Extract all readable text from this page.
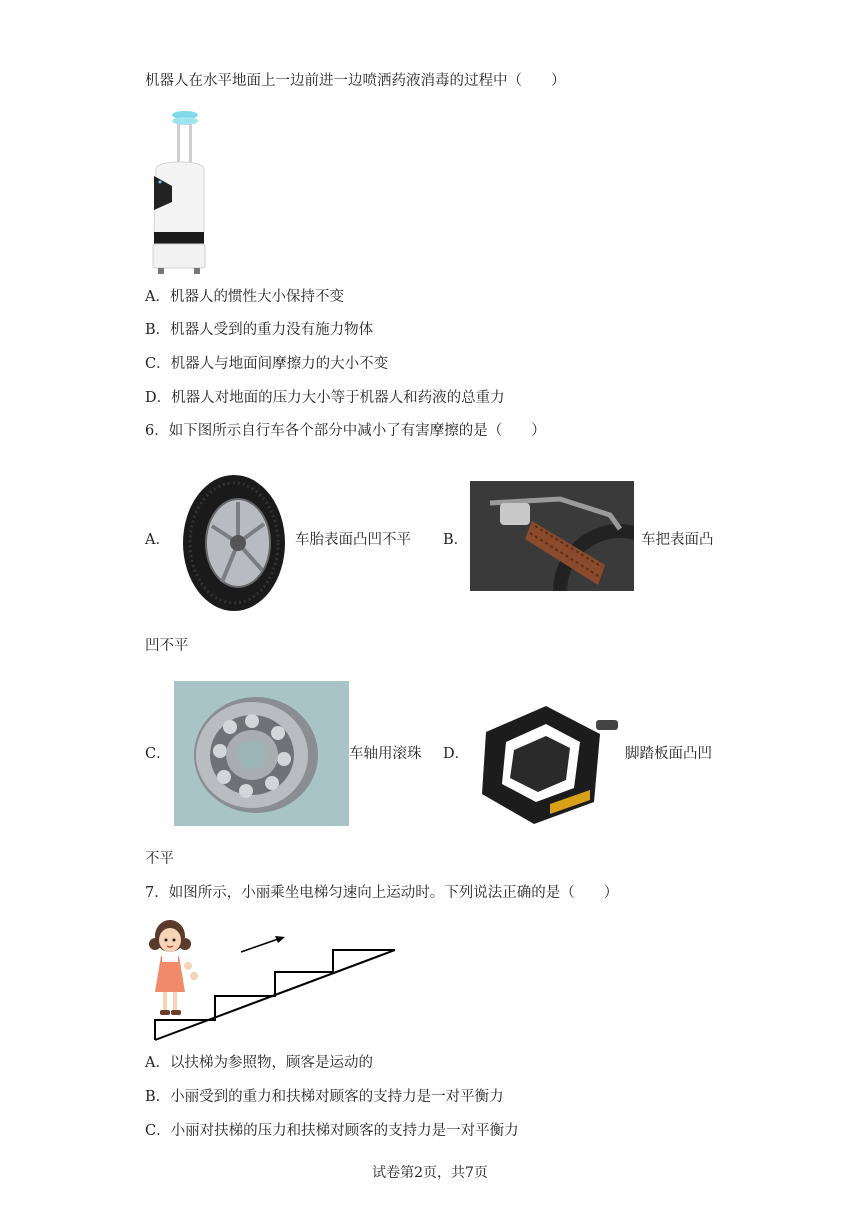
机器人在水平地面上一边前进一边喷洒药液消毒的过程中（　　）
A．机器人的惯性大小保持不变
B．机器人受到的重力没有施力物体
C．机器人与地面间摩擦力的大小不变
D．机器人对地面的压力大小等于机器人和药液的总重力
6．如下图所示自行车各个部分中减小了有害摩擦的是（　　）
A．	车胎表面凸凹不平 B．	车把表面凸
凹不平
C．	车轴用滚珠 D．	脚踏板面凸凹
不平
7．如图所示，小丽乘坐电梯匀速向上运动时。下列说法正确的是（　　）
A．以扶梯为参照物，顾客是运动的
B．小丽受到的重力和扶梯对顾客的支持力是一对平衡力
C．小丽对扶梯的压力和扶梯对顾客的支持力是一对平衡力
试卷第2页，共7页
